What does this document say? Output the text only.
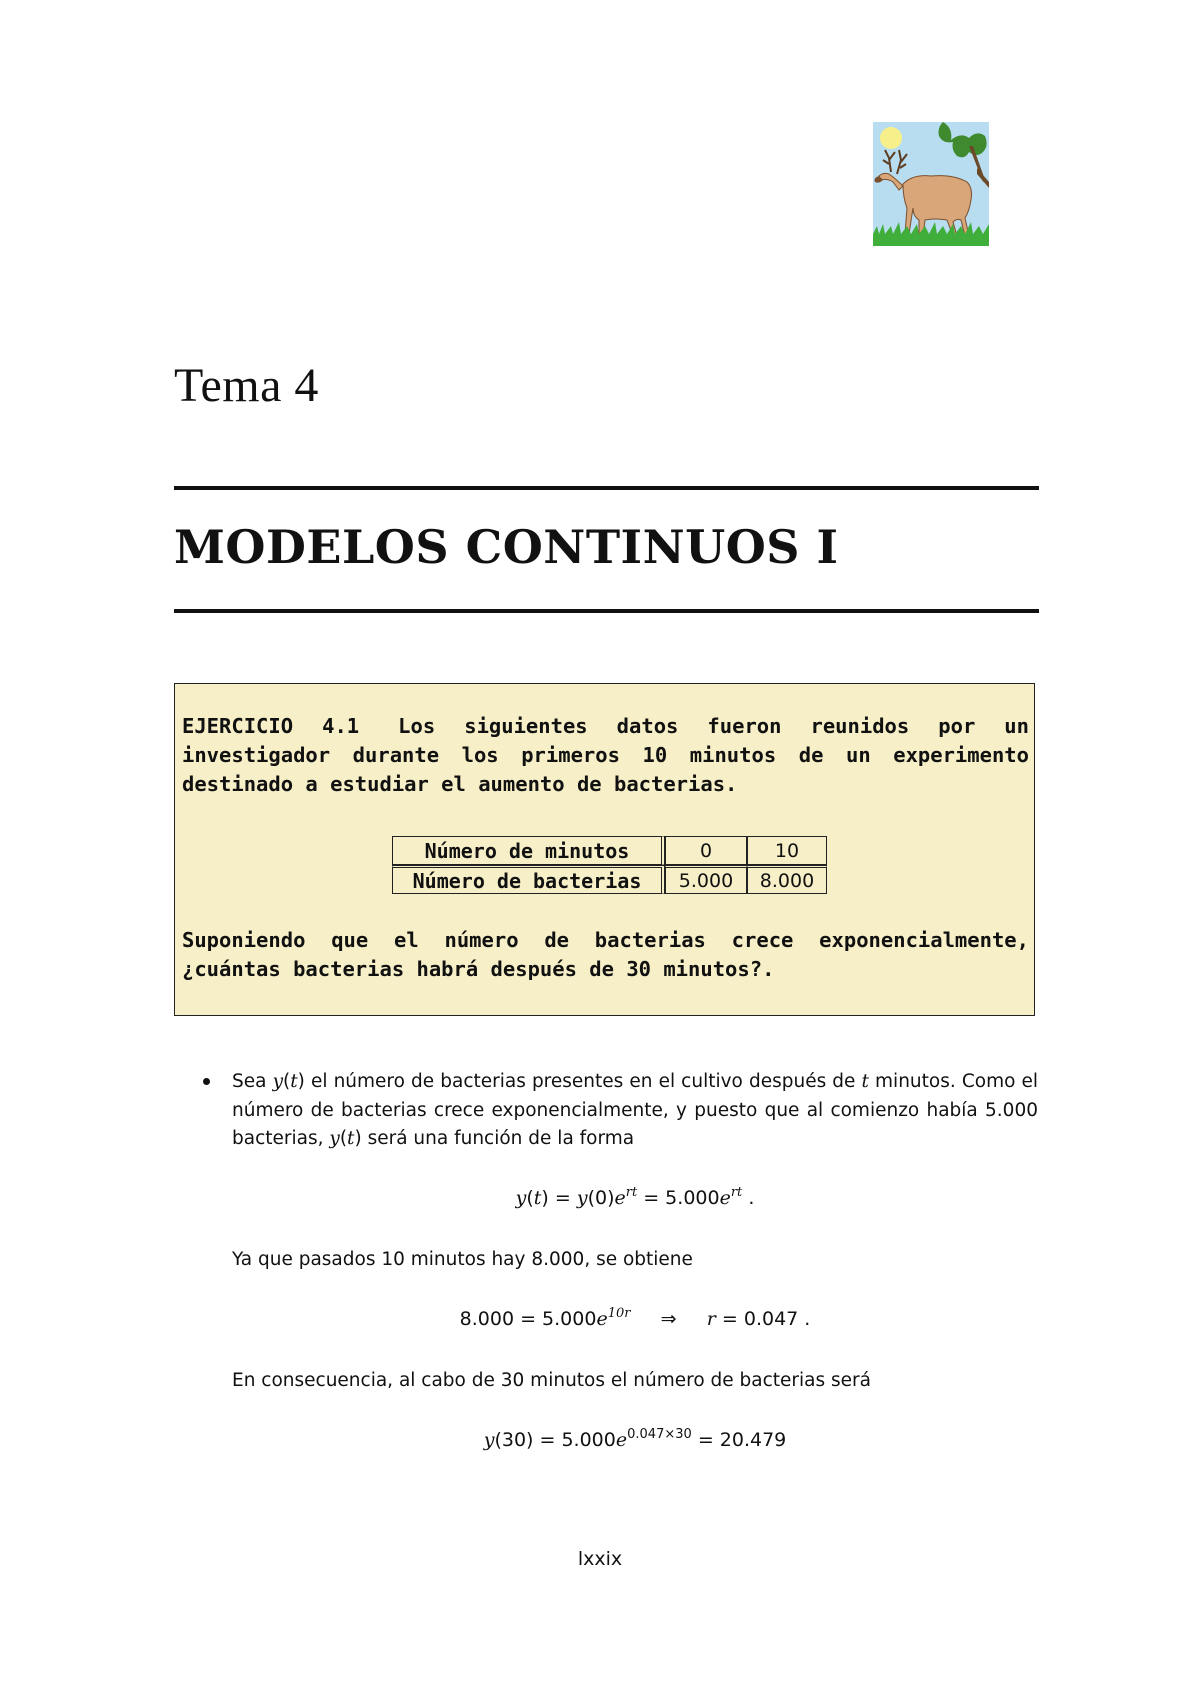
Tema 4
MODELOS CONTINUOS I
EJERCICIO 4.1 Los siguientes datos fueron reunidos por un investigador durante los primeros 10 minutos de un experimento destinado a estudiar el aumento de bacterias.
Número de minutos	0	10
Número de bacterias	5.000	8.000
Suponiendo que el número de bacterias crece exponencialmente,
¿cuántas bacterias habrá después de 30 minutos?.
Sea y(t) el número de bacterias presentes en el cultivo después de t minutos. Como el número de bacterias crece exponencialmente, y puesto que al comienzo había 5.000 bacterias, y(t) será una función de la forma
$y(t) = y(0)e^{rt} = 5.000e^{rt}$ .
Ya que pasados 10 minutos hay 8.000, se obtiene
$8.000 = 5.000e^{10r}$     ⇒     r = 0.047 .
En consecuencia, al cabo de 30 minutos el número de bacterias será
$y(30) = 5.000e^{0.047\times 30} = 20.479$
lxxix
